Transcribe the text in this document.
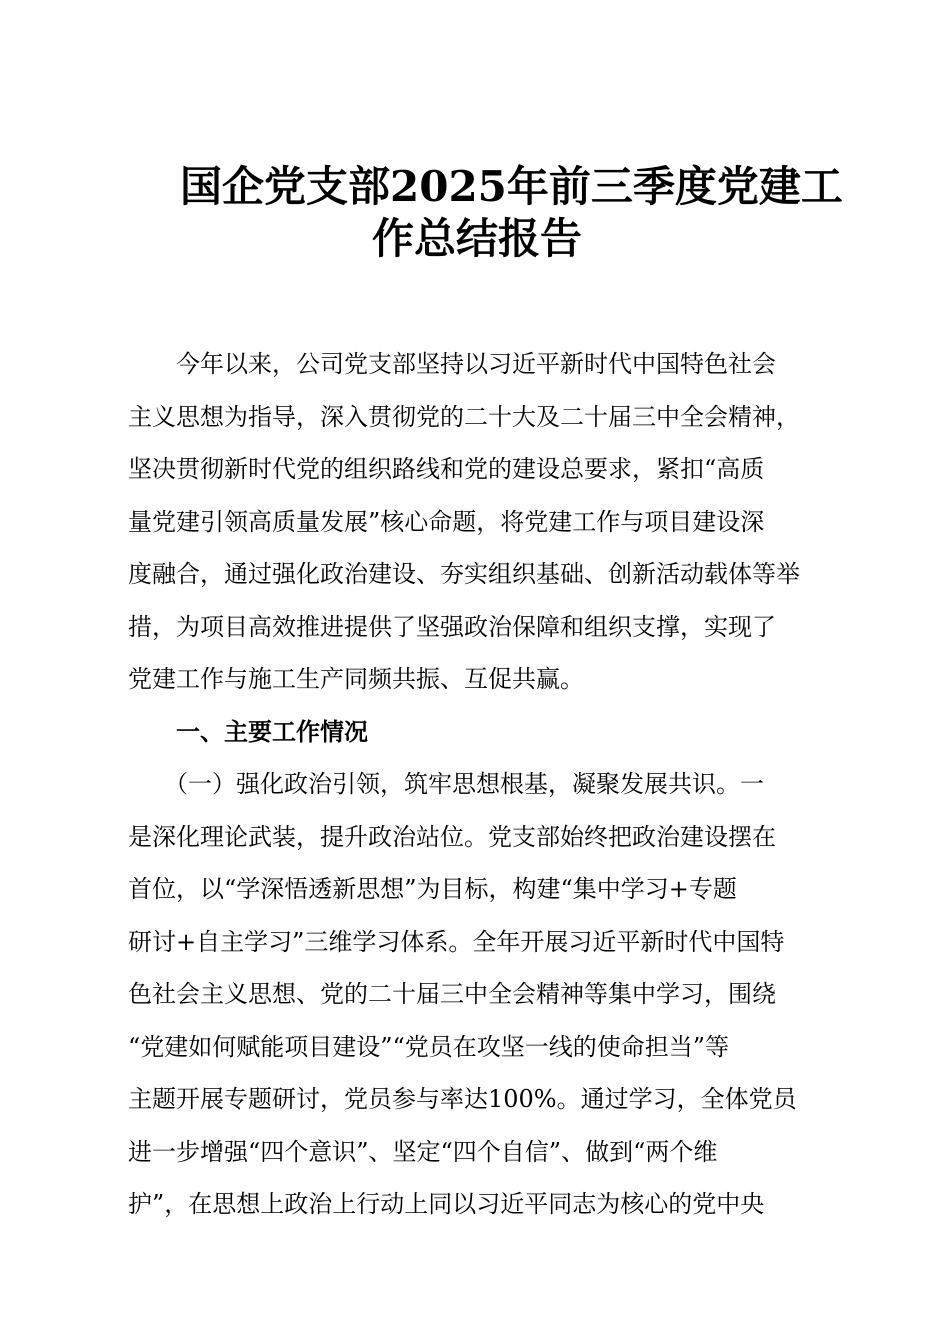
国企党支部2025年前三季度党建工
作总结报告
　　今年以来，公司党支部坚持以习近平新时代中国特色社会
主义思想为指导，深入贯彻党的二十大及二十届三中全会精神，
坚决贯彻新时代党的组织路线和党的建设总要求，紧扣“高质
量党建引领高质量发展”核心命题，将党建工作与项目建设深
度融合，通过强化政治建设、夯实组织基础、创新活动载体等举
措，为项目高效推进提供了坚强政治保障和组织支撑，实现了
党建工作与施工生产同频共振、互促共赢。
　　一、主要工作情况
　　（一）强化政治引领，筑牢思想根基，凝聚发展共识。一
是深化理论武装，提升政治站位。党支部始终把政治建设摆在
首位，以“学深悟透新思想”为目标，构建“集中学习+专题
研讨+自主学习”三维学习体系。全年开展习近平新时代中国特
色社会主义思想、党的二十届三中全会精神等集中学习，围绕
“党建如何赋能项目建设”“党员在攻坚一线的使命担当”等
主题开展专题研讨，党员参与率达100%。通过学习，全体党员
进一步增强“四个意识”、坚定“四个自信”、做到“两个维
护”，在思想上政治上行动上同以习近平同志为核心的党中央
